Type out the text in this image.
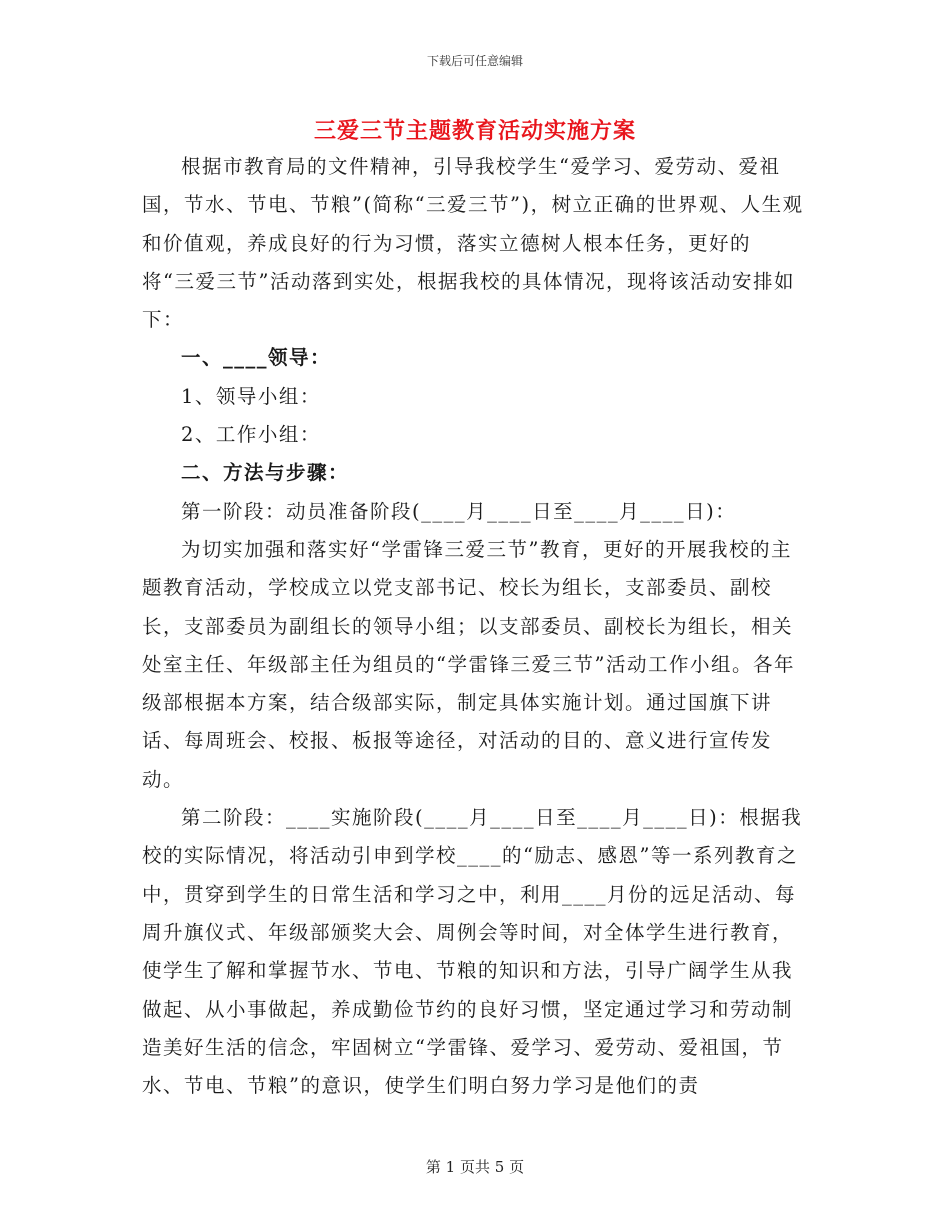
下载后可任意编辑
三爱三节主题教育活动实施方案

根据市教育局的文件精神，引导我校学生“爱学习、爱劳动、爱祖国，节水、节电、节粮”(简称“三爱三节”)，树立正确的世界观、人生观和价值观，养成良好的行为习惯，落实立德树人根本任务，更好的将“三爱三节”活动落到实处，根据我校的具体情况，现将该活动安排如下：

一、____领导：

1、领导小组：

2、工作小组：

二、方法与步骤：

第一阶段：动员准备阶段(____月____日至____月____日)：

为切实加强和落实好“学雷锋三爱三节”教育，更好的开展我校的主题教育活动，学校成立以党支部书记、校长为组长，支部委员、副校长，支部委员为副组长的领导小组；以支部委员、副校长为组长，相关处室主任、年级部主任为组员的“学雷锋三爱三节”活动工作小组。各年级部根据本方案，结合级部实际，制定具体实施计划。通过国旗下讲话、每周班会、校报、板报等途径，对活动的目的、意义进行宣传发动。

第二阶段：____实施阶段(____月____日至____月____日)：根据我校的实际情况，将活动引申到学校____的“励志、感恩”等一系列教育之中，贯穿到学生的日常生活和学习之中，利用____月份的远足活动、每周升旗仪式、年级部颁奖大会、周例会等时间，对全体学生进行教育，使学生了解和掌握节水、节电、节粮的知识和方法，引导广阔学生从我做起、从小事做起，养成勤俭节约的良好习惯，坚定通过学习和劳动制造美好生活的信念，牢固树立“学雷锋、爱学习、爱劳动、爱祖国，节水、节电、节粮”的意识，使学生们明白努力学习是他们的责

第 1 页共 5 页
